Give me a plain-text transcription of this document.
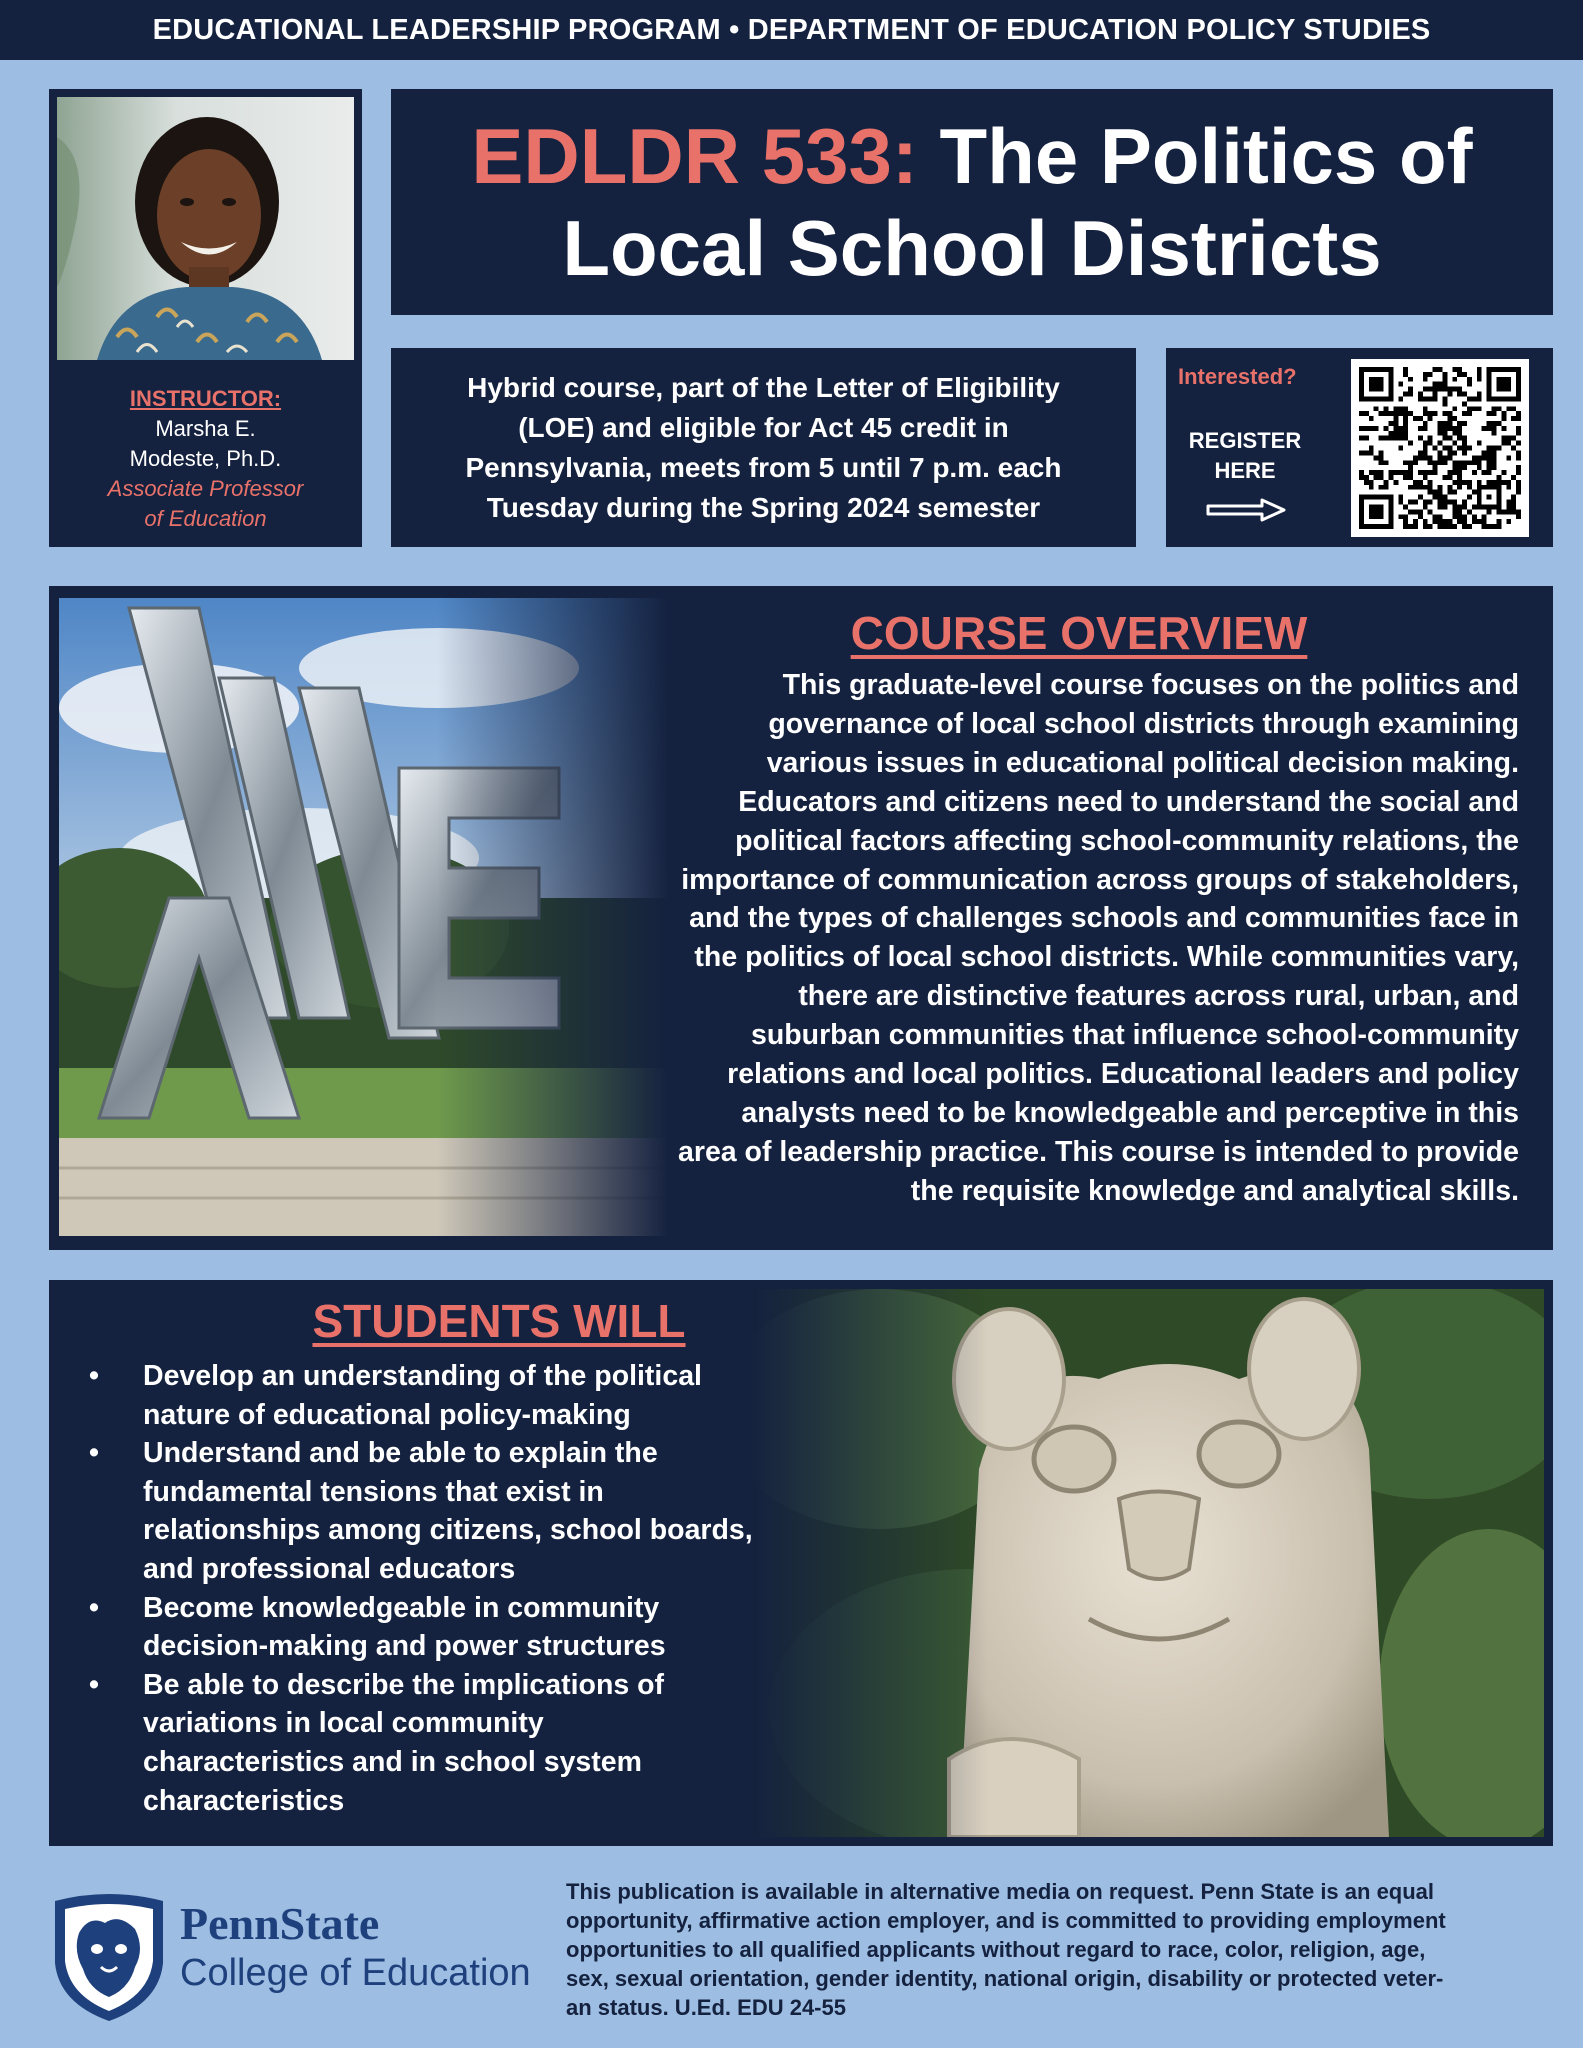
EDUCATIONAL LEADERSHIP PROGRAM • DEPARTMENT OF EDUCATION POLICY STUDIES
INSTRUCTOR:
Marsha E.
Modeste, Ph.D.
Associate Professor
of Education
EDLDR 533: The Politics of
Local School Districts
Hybrid course, part of the Letter of Eligibility
(LOE) and eligible for Act 45 credit in
Pennsylvania, meets from 5 until 7 p.m. each
Tuesday during the Spring 2024 semester
Interested?
REGISTER
HERE
COURSE OVERVIEW
This graduate-level course focuses on the politics and
governance of local school districts through examining
various issues in educational political decision making.
Educators and citizens need to understand the social and
political factors affecting school-community relations, the
importance of communication across groups of stakeholders,
and the types of challenges schools and communities face in
the politics of local school districts. While communities vary,
there are distinctive features across rural, urban, and
suburban communities that influence school-community
relations and local politics. Educational leaders and policy
analysts need to be knowledgeable and perceptive in this
area of leadership practice. This course is intended to provide
the requisite knowledge and analytical skills.
STUDENTS WILL
• Develop an understanding of the political
nature of educational policy-making
• Understand and be able to explain the
fundamental tensions that exist in
relationships among citizens, school boards,
and professional educators
• Become knowledgeable in community
decision-making and power structures
• Be able to describe the implications of
variations in local community
characteristics and in school system
characteristics
PennState
College of Education
This publication is available in alternative media on request. Penn State is an equal
opportunity, affirmative action employer, and is committed to providing employment
opportunities to all qualified applicants without regard to race, color, religion, age,
sex, sexual orientation, gender identity, national origin, disability or protected veter-
an status. U.Ed. EDU 24-55
